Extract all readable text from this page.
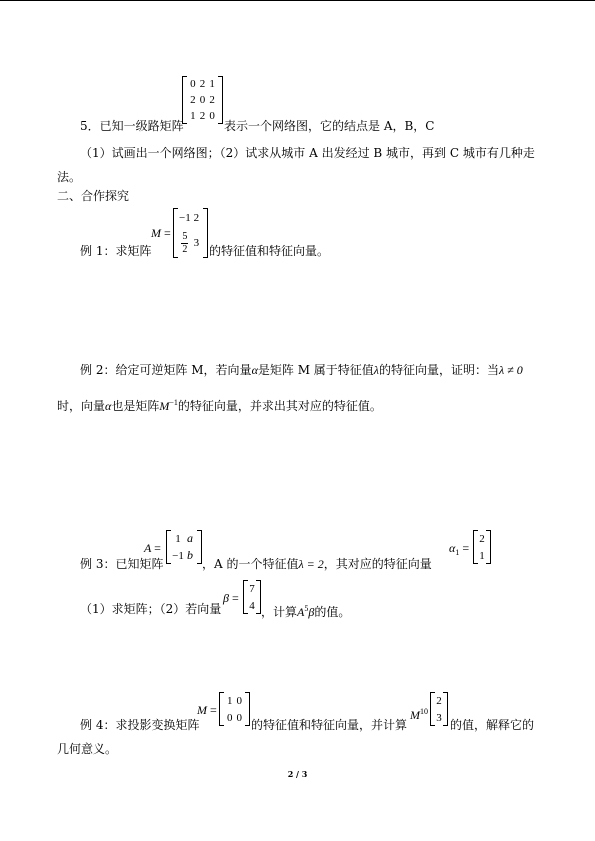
0 2 1
2 0 2
1 2 0
5．已知一级路矩阵	表示一个网络图，它的结点是 A，B，C
（1）试画出一个网络图；（2）试求从城市 A 出发经过 B 城市，再到 C 城市有几种走
法。
二、合作探究
M =
−1 2
$\frac{5}{2} 3$
例 1：求矩阵	的特征值和特征向量。
例 2：给定可逆矩阵 M，若向量α是矩阵 M 属于特征值λ的特征向量，证明：当λ ≠ 0
时，向量α也是矩阵$M^{-1}$的特征向量，并求出其对应的特征值。
A =
1 a
−1 b
例 3：已知矩阵	，A 的一个特征值λ = 2，其对应的特征向量
$\alpha_1$ =
2
1
β =
7
4
（1）求矩阵；（2）若向量	，计算$A^5\beta$的值。
M =
1 0
0 0
例 4：求投影变换矩阵	的特征值和特征向量，并计算
$M^{10}$
2
3
的值，解释它的
几何意义。
2 / 3
